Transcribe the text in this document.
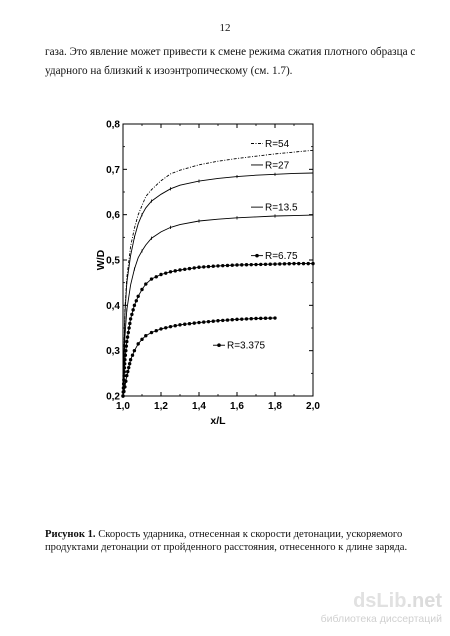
12
газа. Это явление может привести к смене режима сжатия плотного образца с
ударного на близкий к изоэнтропическому (см. 1.7).
1,0 1,2 1,4 1,6 1,8 2,0
0,2
0,3
0,4
0,5
0,6
0,7
0,8
x/L
W/D
R=54
R=27
R=13.5
R=6.75
R=3.375
Рисунок 1. Скорость ударника, отнесенная к скорости детонации, ускоряемого продуктами детонации от пройденного расстояния, отнесенного к длине заряда.
dsLib.net
библиотека диссертаций
